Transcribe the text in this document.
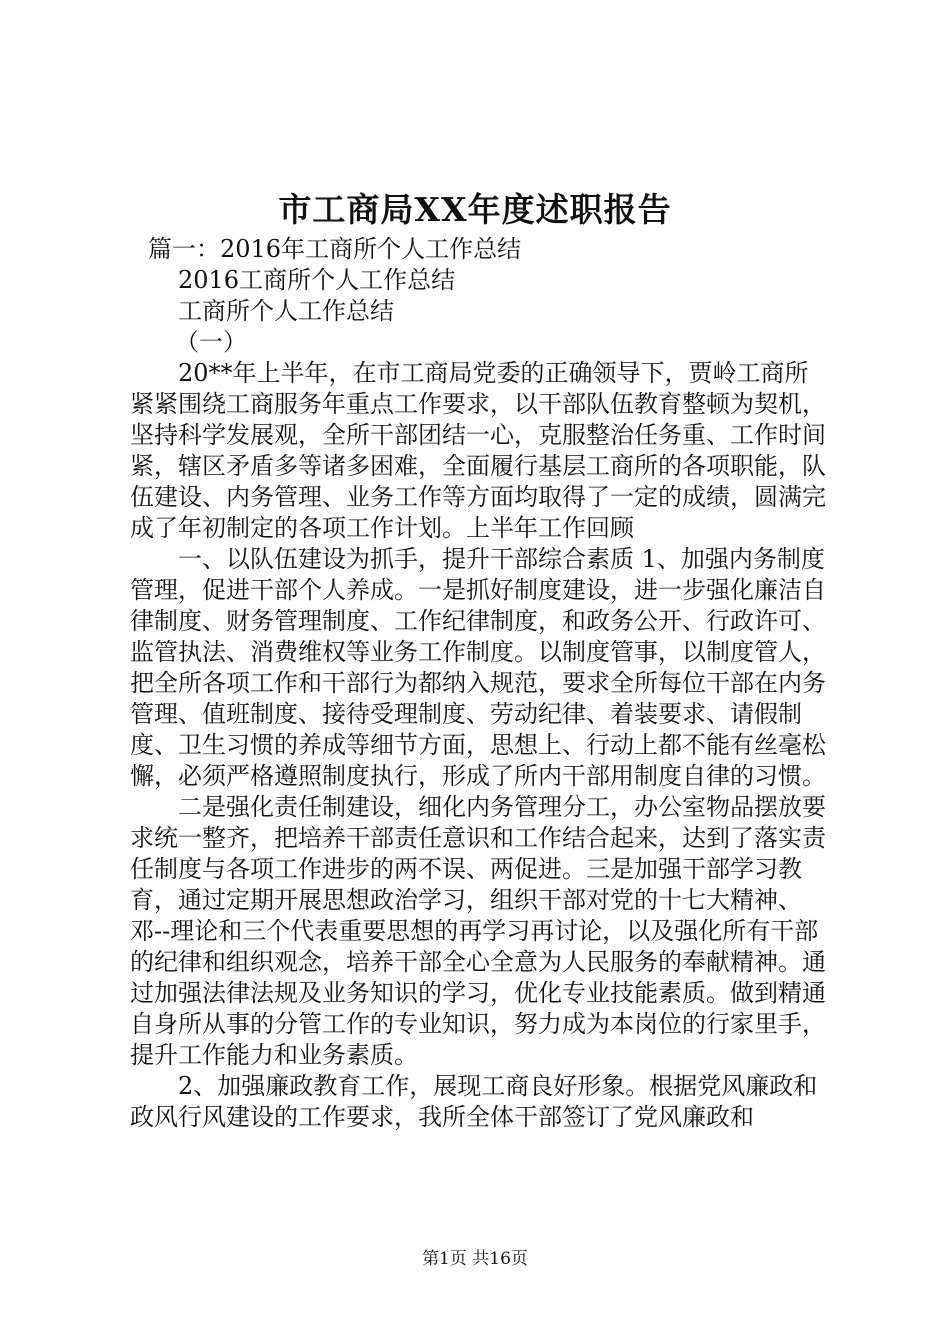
市工商局XX年度述职报告
篇一：2016年工商所个人工作总结
2016工商所个人工作总结
工商所个人工作总结
（一）

20**年上半年，在市工商局党委的正确领导下，贾岭工商所紧紧围绕工商服务年重点工作要求，以干部队伍教育整顿为契机，坚持科学发展观，全所干部团结一心，克服整治任务重、工作时间紧，辖区矛盾多等诸多困难，全面履行基层工商所的各项职能，队伍建设、内务管理、业务工作等方面均取得了一定的成绩，圆满完成了年初制定的各项工作计划。上半年工作回顾

一、以队伍建设为抓手，提升干部综合素质 1、加强内务制度管理，促进干部个人养成。一是抓好制度建设，进一步强化廉洁自律制度、财务管理制度、工作纪律制度，和政务公开、行政许可、监管执法、消费维权等业务工作制度。以制度管事，以制度管人，把全所各项工作和干部行为都纳入规范，要求全所每位干部在内务管理、值班制度、接待受理制度、劳动纪律、着装要求、请假制度、卫生习惯的养成等细节方面，思想上、行动上都不能有丝毫松懈，必须严格遵照制度执行，形成了所内干部用制度自律的习惯。

二是强化责任制建设，细化内务管理分工，办公室物品摆放要求统一整齐，把培养干部责任意识和工作结合起来，达到了落实责任制度与各项工作进步的两不误、两促进。三是加强干部学习教育，通过定期开展思想政治学习，组织干部对党的十七大精神、邓--理论和三个代表重要思想的再学习再讨论，以及强化所有干部的纪律和组织观念，培养干部全心全意为人民服务的奉献精神。通过加强法律法规及业务知识的学习，优化专业技能素质。做到精通自身所从事的分管工作的专业知识，努力成为本岗位的行家里手，提升工作能力和业务素质。

2、加强廉政教育工作，展现工商良好形象。根据党风廉政和政风行风建设的工作要求，我所全体干部签订了党风廉政和

第1页 共16页
